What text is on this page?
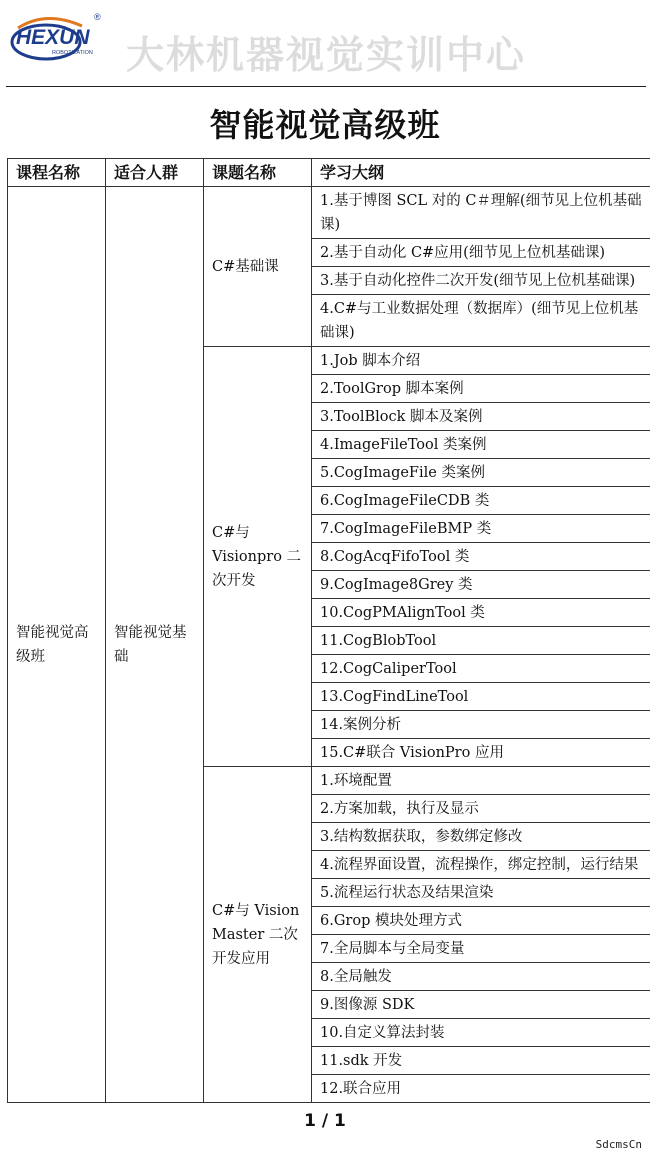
HEXUN
ROBOTIZATION
®
大林机器视觉实训中心
智能视觉高级班
课程名称	适合人群	课题名称	学习大纲
智能视觉高级班	智能视觉基础	C#基础课	1.基于博图 SCL 对的 C＃理解(细节见上位机基础课)
			2.基于自动化 C#应用(细节见上位机基础课)
			3.基于自动化控件二次开发(细节见上位机基础课)
			4.C#与工业数据处理（数据库）(细节见上位机基础课)
		C#与 Visionpro 二次开发	1.Job 脚本介绍
			2.ToolGrop 脚本案例
			3.ToolBlock 脚本及案例
			4.ImageFileTool 类案例
			5.CogImageFile 类案例
			6.CogImageFileCDB 类
			7.CogImageFileBMP 类
			8.CogAcqFifoTool 类
			9.CogImage8Grey 类
			10.CogPMAlignTool 类
			11.CogBlobTool
			12.CogCaliperTool
			13.CogFindLineTool
			14.案例分析
			15.C#联合 VisionPro 应用
		C#与 Vision Master 二次开发应用	1.环境配置
			2.方案加载，执行及显示
			3.结构数据获取，参数绑定修改
			4.流程界面设置，流程操作，绑定控制，运行结果
			5.流程运行状态及结果渲染
			6.Grop 模块处理方式
			7.全局脚本与全局变量
			8.全局触发
			9.图像源 SDK
			10.自定义算法封装
			11.sdk 开发
			12.联合应用
1 / 1
SdcmsCn
